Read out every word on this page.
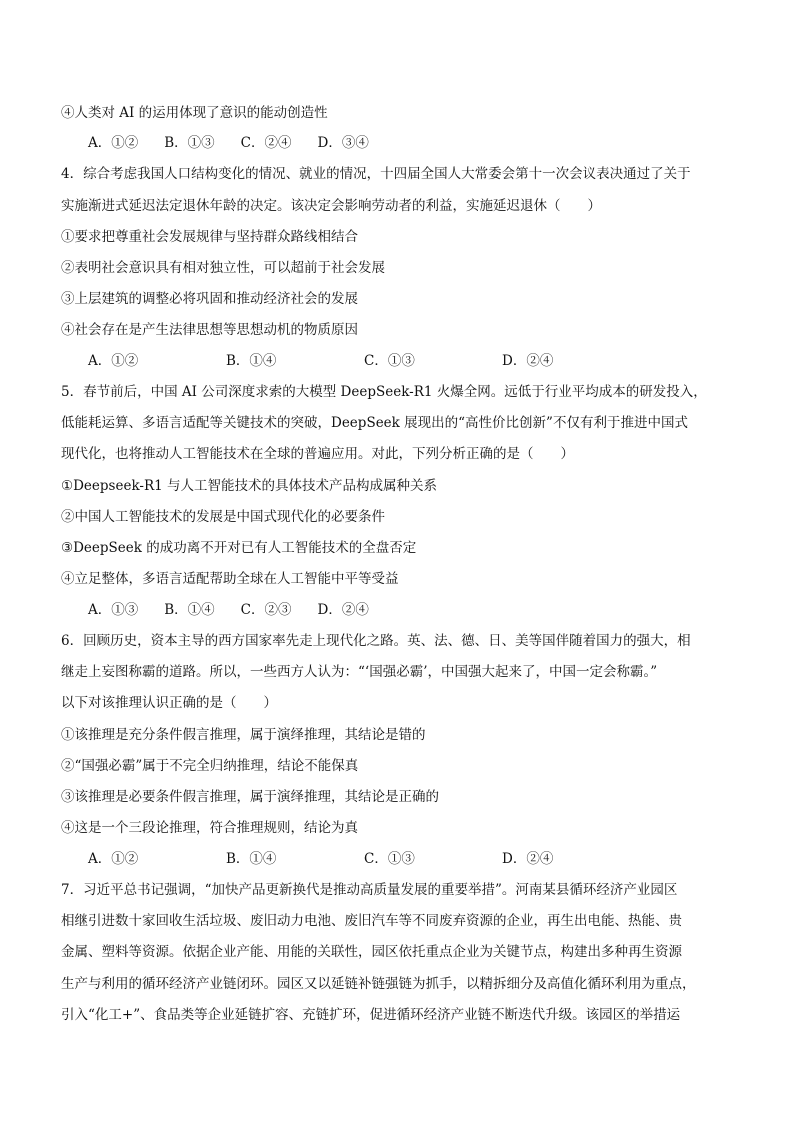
④人类对 AI 的运用体现了意识的能动创造性
A．①② B．①③ C．②④ D．③④
4．综合考虑我国人口结构变化的情况、就业的情况，十四届全国人大常委会第十一次会议表决通过了关于
实施渐进式延迟法定退休年龄的决定。该决定会影响劳动者的利益，实施延迟退休（　　）
①要求把尊重社会发展规律与坚持群众路线相结合
②表明社会意识具有相对独立性，可以超前于社会发展
③上层建筑的调整必将巩固和推动经济社会的发展
④社会存在是产生法律思想等思想动机的物质原因
A．①②	B．①④	C．①③	D．②④
5．春节前后，中国 AI 公司深度求索的大模型 DeepSeek-R1 火爆全网。远低于行业平均成本的研发投入，
低能耗运算、多语言适配等关键技术的突破，DeepSeek 展现出的“高性价比创新”不仅有利于推进中国式
现代化，也将推动人工智能技术在全球的普遍应用。对此，下列分析正确的是（　　）
①Deepseek-R1 与人工智能技术的具体技术产品构成属种关系
②中国人工智能技术的发展是中国式现代化的必要条件
③DeepSeek 的成功离不开对已有人工智能技术的全盘否定
④立足整体，多语言适配帮助全球在人工智能中平等受益
A．①③ B．①④ C．②③ D．②④
6．回顾历史，资本主导的西方国家率先走上现代化之路。英、法、德、日、美等国伴随着国力的强大，相
继走上妄图称霸的道路。所以，一些西方人认为：“‘国强必霸’，中国强大起来了，中国一定会称霸。”
以下对该推理认识正确的是（　　）
①该推理是充分条件假言推理，属于演绎推理，其结论是错的
②“国强必霸”属于不完全归纳推理，结论不能保真
③该推理是必要条件假言推理，属于演绎推理，其结论是正确的
④这是一个三段论推理，符合推理规则，结论为真
A．①②	B．①④	C．①③	D．②④
7．习近平总书记强调，“加快产品更新换代是推动高质量发展的重要举措”。河南某县循环经济产业园区
相继引进数十家回收生活垃圾、废旧动力电池、废旧汽车等不同废弃资源的企业，再生出电能、热能、贵
金属、塑料等资源。依据企业产能、用能的关联性，园区依托重点企业为关键节点，构建出多种再生资源
生产与利用的循环经济产业链闭环。园区又以延链补链强链为抓手，以精拆细分及高值化循环利用为重点，
引入“化工+”、食品类等企业延链扩容、充链扩环，促进循环经济产业链不断迭代升级。该园区的举措运
